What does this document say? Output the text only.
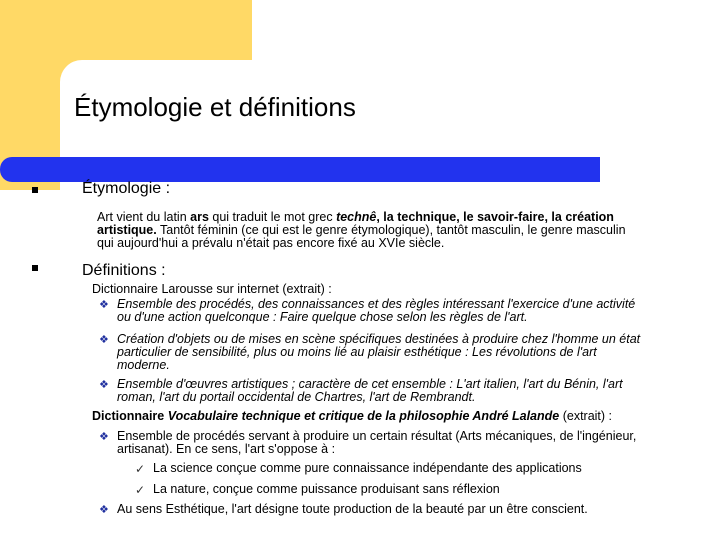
Étymologie et définitions
Étymologie :
Art vient du latin ars qui traduit le mot grec technê, la technique, le savoir-faire, la création
artistique. Tantôt féminin (ce qui est le genre étymologique), tantôt masculin, le genre masculin
qui aujourd'hui a prévalu n'était pas encore fixé au XVIe siècle.
Définitions :
Dictionnaire Larousse sur internet (extrait) :
❖ Ensemble des procédés, des connaissances et des règles intéressant l'exercice d'une activité
ou d'une action quelconque : Faire quelque chose selon les règles de l'art.
❖ Création d'objets ou de mises en scène spécifiques destinées à produire chez l'homme un état
particulier de sensibilité, plus ou moins lié au plaisir esthétique : Les révolutions de l'art
moderne.
❖ Ensemble d'œuvres artistiques ; caractère de cet ensemble : L'art italien, l'art du Bénin, l'art
roman, l'art du portail occidental de Chartres, l'art de Rembrandt.
Dictionnaire Vocabulaire technique et critique de la philosophie André Lalande (extrait) :
❖ Ensemble de procédés servant à produire un certain résultat (Arts mécaniques, de l'ingénieur,
artisanat). En ce sens, l'art s'oppose à :
✓ La science conçue comme pure connaissance indépendante des applications
✓ La nature, conçue comme puissance produisant sans réflexion
❖ Au sens Esthétique, l'art désigne toute production de la beauté par un être conscient.
